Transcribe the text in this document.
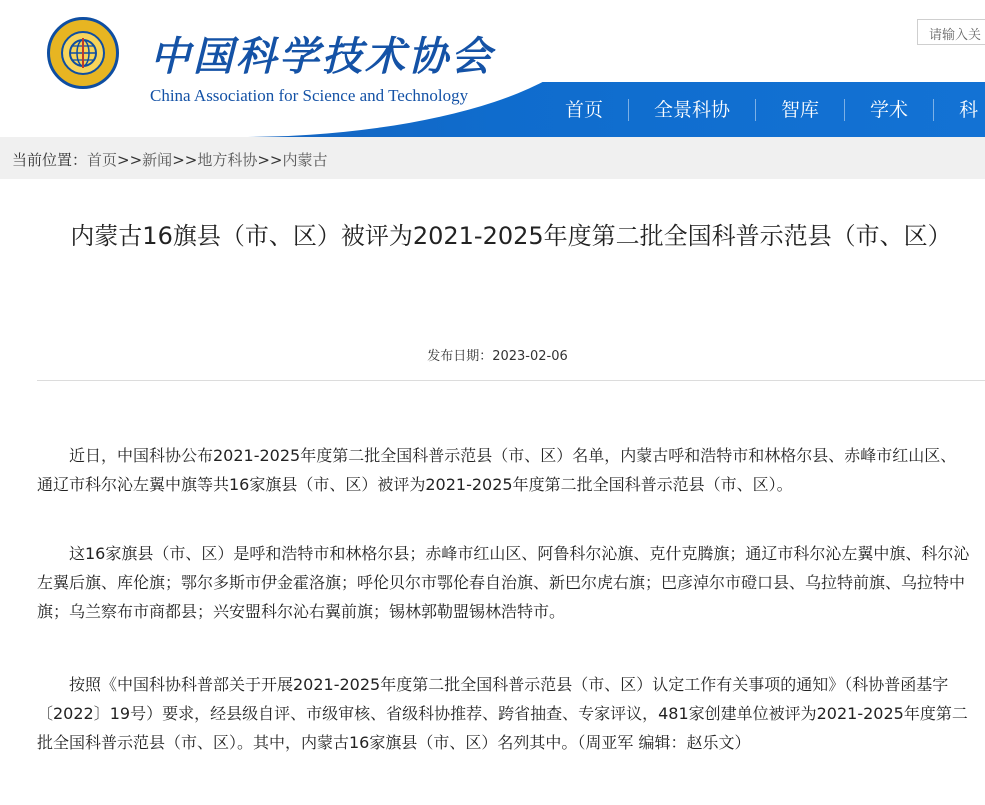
中国科学技术协会
China Association for Science and Technology
请输入关
首页	全景科协	智库	学术	科
当前位置：首页>>新闻>>地方科协>>内蒙古
内蒙古16旗县（市、区）被评为2021-2025年度第二批全国科普示范县（市、区）
发布日期：2023-02-06

近日，中国科协公布2021-2025年度第二批全国科普示范县（市、区）名单，内蒙古呼和浩特市和林格尔县、赤峰市红山区、通辽市科尔沁左翼中旗等共16家旗县（市、区）被评为2021-2025年度第二批全国科普示范县（市、区）。

这16家旗县（市、区）是呼和浩特市和林格尔县；赤峰市红山区、阿鲁科尔沁旗、克什克腾旗；通辽市科尔沁左翼中旗、科尔沁左翼后旗、库伦旗；鄂尔多斯市伊金霍洛旗；呼伦贝尔市鄂伦春自治旗、新巴尔虎右旗；巴彦淖尔市磴口县、乌拉特前旗、乌拉特中旗；乌兰察布市商都县；兴安盟科尔沁右翼前旗；锡林郭勒盟锡林浩特市。

按照《中国科协科普部关于开展2021-2025年度第二批全国科普示范县（市、区）认定工作有关事项的通知》（科协普函基字〔2022〕19号）要求，经县级自评、市级审核、省级科协推荐、跨省抽查、专家评议，481家创建单位被评为2021-2025年度第二批全国科普示范县（市、区）。其中，内蒙古16家旗县（市、区）名列其中。（周亚军 编辑：赵乐文）
